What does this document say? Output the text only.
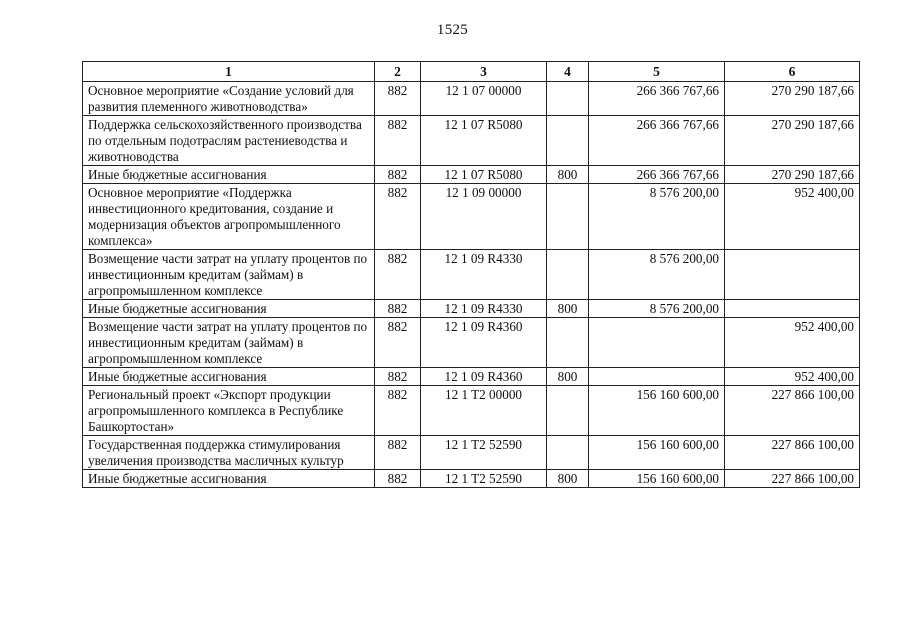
1525
1	2	3	4	5	6
Основное мероприятие «Создание условий для развития племенного животноводства»	882	12 1 07 00000		266 366 767,66	270 290 187,66
Поддержка сельскохозяйственного производства по отдельным подотраслям растениеводства и животноводства	882	12 1 07 R5080		266 366 767,66	270 290 187,66
Иные бюджетные ассигнования	882	12 1 07 R5080	800	266 366 767,66	270 290 187,66
Основное мероприятие «Поддержка инвестиционного кредитования, создание и модернизация объектов агропромышленного комплекса»	882	12 1 09 00000		8 576 200,00	952 400,00
Возмещение части затрат на уплату процентов по инвестиционным кредитам (займам) в агропромышленном комплексе	882	12 1 09 R4330		8 576 200,00	
Иные бюджетные ассигнования	882	12 1 09 R4330	800	8 576 200,00	
Возмещение части затрат на уплату процентов по инвестиционным кредитам (займам) в агропромышленном комплексе	882	12 1 09 R4360			952 400,00
Иные бюджетные ассигнования	882	12 1 09 R4360	800		952 400,00
Региональный проект «Экспорт продукции агропромышленного комплекса в Республике Башкортостан»	882	12 1 T2 00000		156 160 600,00	227 866 100,00
Государственная поддержка стимулирования увеличения производства масличных культур	882	12 1 T2 52590		156 160 600,00	227 866 100,00
Иные бюджетные ассигнования	882	12 1 T2 52590	800	156 160 600,00	227 866 100,00
